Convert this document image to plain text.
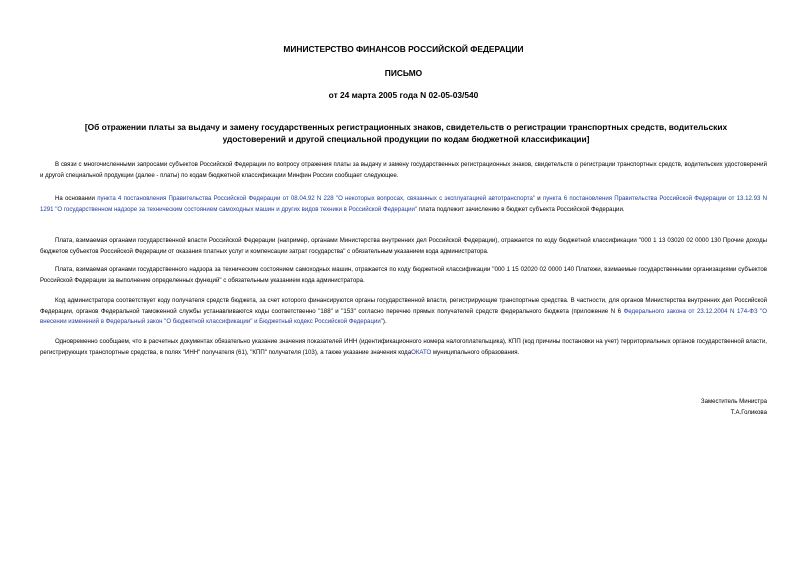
МИНИСТЕРСТВО ФИНАНСОВ РОССИЙСКОЙ ФЕДЕРАЦИИ
ПИСЬМО
от 24 марта 2005 года N 02-05-03/540
[Об отражении платы за выдачу и замену государственных регистрационных знаков, свидетельств о регистрации транспортных средств, водительских удостоверений и другой специальной продукции по кодам бюджетной классификации]

В связи с многочисленными запросами субъектов Российской Федерации по вопросу отражения платы за выдачу и замену государственных регистрационных знаков, свидетельств о регистрации транспортных средств, водительских удостоверений и другой специальной продукции (далее - платы) по кодам бюджетной классификации Минфин России сообщает следующее.

На основании пункта 4 постановления Правительства Российской Федерации от 08.04.92 N 228 "О некоторых вопросах, связанных с эксплуатацией автотранспорта" и пункта 6 постановления Правительства Российской Федерации от 13.12.93 N 1291 "О государственном надзоре за техническим состоянием самоходных машин и других видов техники в Российской Федерации" плата подлежит зачислению в бюджет субъекта Российской Федерации.

Плата, взимаемая органами государственной власти Российской Федерации (например, органами Министерства внутренних дел Российской Федерации), отражается по коду бюджетной классификации "000 1 13 03020 02 0000 130 Прочие доходы бюджетов субъектов Российской Федерации от оказания платных услуг и компенсации затрат государства" с обязательным указанием кода администратора.

Плата, взимаемая органами государственного надзора за техническим состоянием самоходных машин, отражается по коду бюджетной классификации "000 1 15 02020 02 0000 140 Платежи, взимаемые государственными организациями субъектов Российской Федерации за выполнение определенных функций" с обязательным указанием кода администратора.

Код администратора соответствует коду получателя средств бюджета, за счет которого финансируются органы государственной власти, регистрирующие транспортные средства. В частности, для органов Министерства внутренних дел Российской Федерации, органов Федеральной таможенной службы устанавливаются коды соответственно "188" и "153" согласно перечню прямых получателей средств федерального бюджета (приложение N 6 Федерального закона от 23.12.2004 N 174-ФЗ "О внесении изменений в Федеральный закон "О бюджетной классификации" и Бюджетный кодекс Российской Федерации").

Одновременно сообщаем, что в расчетных документах обязательно указание значения показателей ИНН (идентификационного номера налогоплательщика), КПП (код причины постановки на учет) территориальных органов государственной власти, регистрирующих транспортные средства, в полях "ИНН" получателя (61), "КПП" получателя (103), а также указание значения кодаОКАТО муниципального образования.

Заместитель Министра
Т.А.Голикова
